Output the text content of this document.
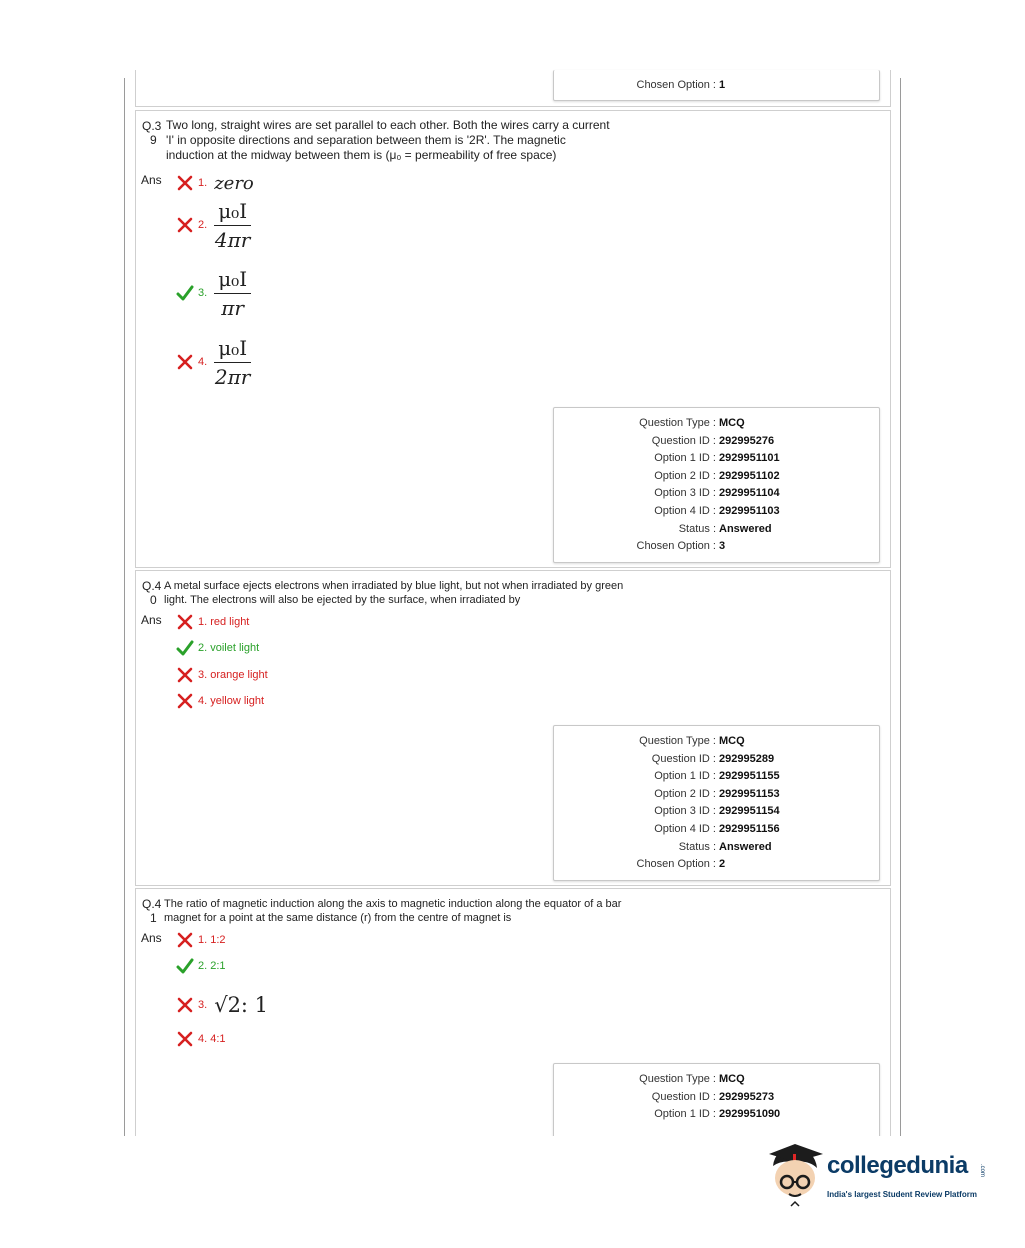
Chosen Option : 1
Q.3
9
Two long, straight wires are set parallel to each other. Both the wires carry a current
'I' in opposite directions and separation between them is '2R'. The magnetic
induction at the midway between them is (μ₀ = permeability of free space)
Ans	1. zero
2. $\frac{\text{μ₀I}}{4\pi r}$
3. $\frac{\text{μ₀I}}{\pi r}$
4. $\frac{\text{μ₀I}}{2\pi r}$
Question Type : MCQ
Question ID : 292995276
Option 1 ID : 2929951101
Option 2 ID : 2929951102
Option 3 ID : 2929951104
Option 4 ID : 2929951103
Status : Answered
Chosen Option : 3
Q.4
0
A metal surface ejects electrons when irradiated by blue light, but not when irradiated by green
light. The electrons will also be ejected by the surface, when irradiated by
Ans	1. red light
2. voilet light
3. orange light
4. yellow light
Question Type : MCQ
Question ID : 292995289
Option 1 ID : 2929951155
Option 2 ID : 2929951153
Option 3 ID : 2929951154
Option 4 ID : 2929951156
Status : Answered
Chosen Option : 2
Q.4
1
The ratio of magnetic induction along the axis to magnetic induction along the equator of a bar
magnet for a point at the same distance (r) from the centre of magnet is
Ans	1. 1:2
2. 2:1
3. √2: 1
4. 4:1
Question Type : MCQ
Question ID : 292995273
Option 1 ID : 2929951090
collegedunia .com
India's largest Student Review Platform
